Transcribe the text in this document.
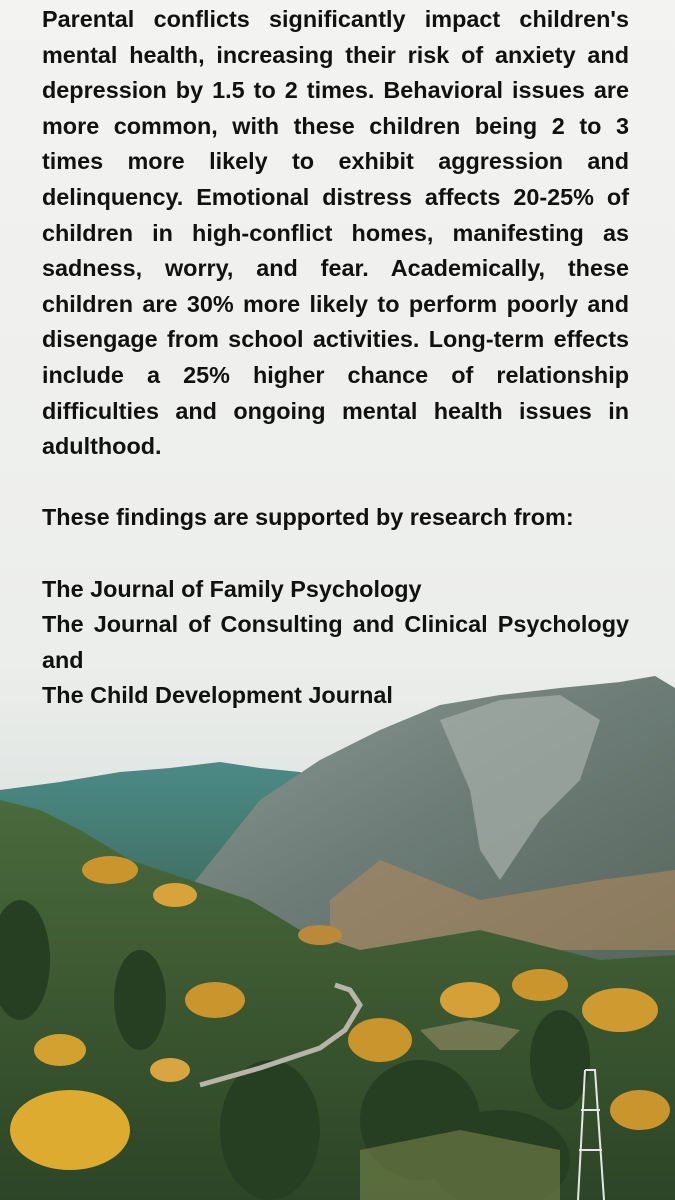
Parental conflicts significantly impact children's mental health, increasing their risk of anxiety and depression by 1.5 to 2 times. Behavioral issues are more common, with these children being 2 to 3 times more likely to exhibit aggression and delinquency. Emotional distress affects 20-25% of children in high-conflict homes, manifesting as sadness, worry, and fear. Academically, these children are 30% more likely to perform poorly and disengage from school activities. Long-term effects include a 25% higher chance of relationship difficulties and ongoing mental health issues in adulthood.

These findings are supported by research from:

The Journal of Family Psychology
The Journal of Consulting and Clinical Psychology and
The Child Development Journal
